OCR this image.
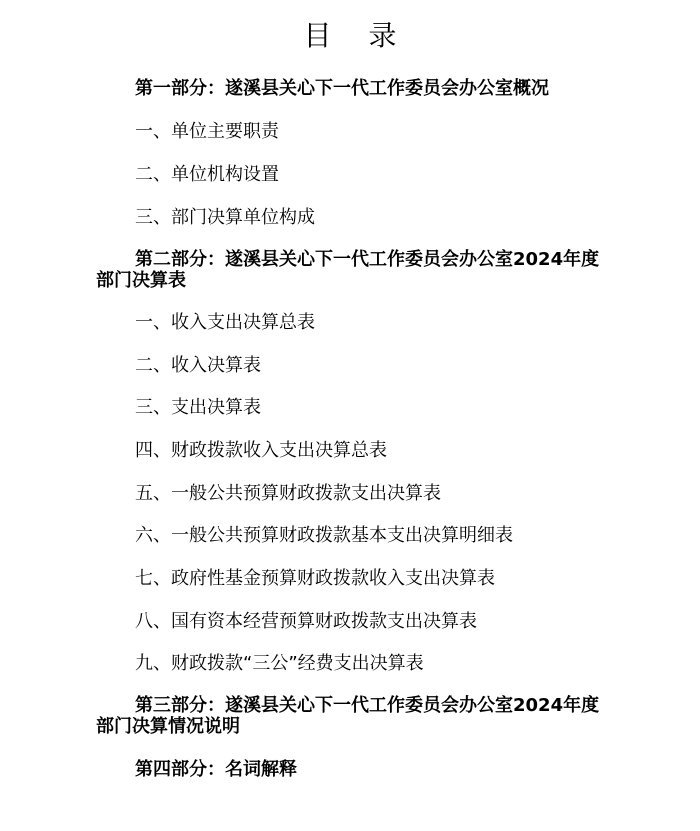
目 录
第一部分：遂溪县关心下一代工作委员会办公室概况
一、单位主要职责
二、单位机构设置
三、部门决算单位构成
第二部分：遂溪县关心下一代工作委员会办公室2024年度部门决算表
一、收入支出决算总表
二、收入决算表
三、支出决算表
四、财政拨款收入支出决算总表
五、一般公共预算财政拨款支出决算表
六、一般公共预算财政拨款基本支出决算明细表
七、政府性基金预算财政拨款收入支出决算表
八、国有资本经营预算财政拨款支出决算表
九、财政拨款“三公”经费支出决算表
第三部分：遂溪县关心下一代工作委员会办公室2024年度部门决算情况说明
第四部分：名词解释
